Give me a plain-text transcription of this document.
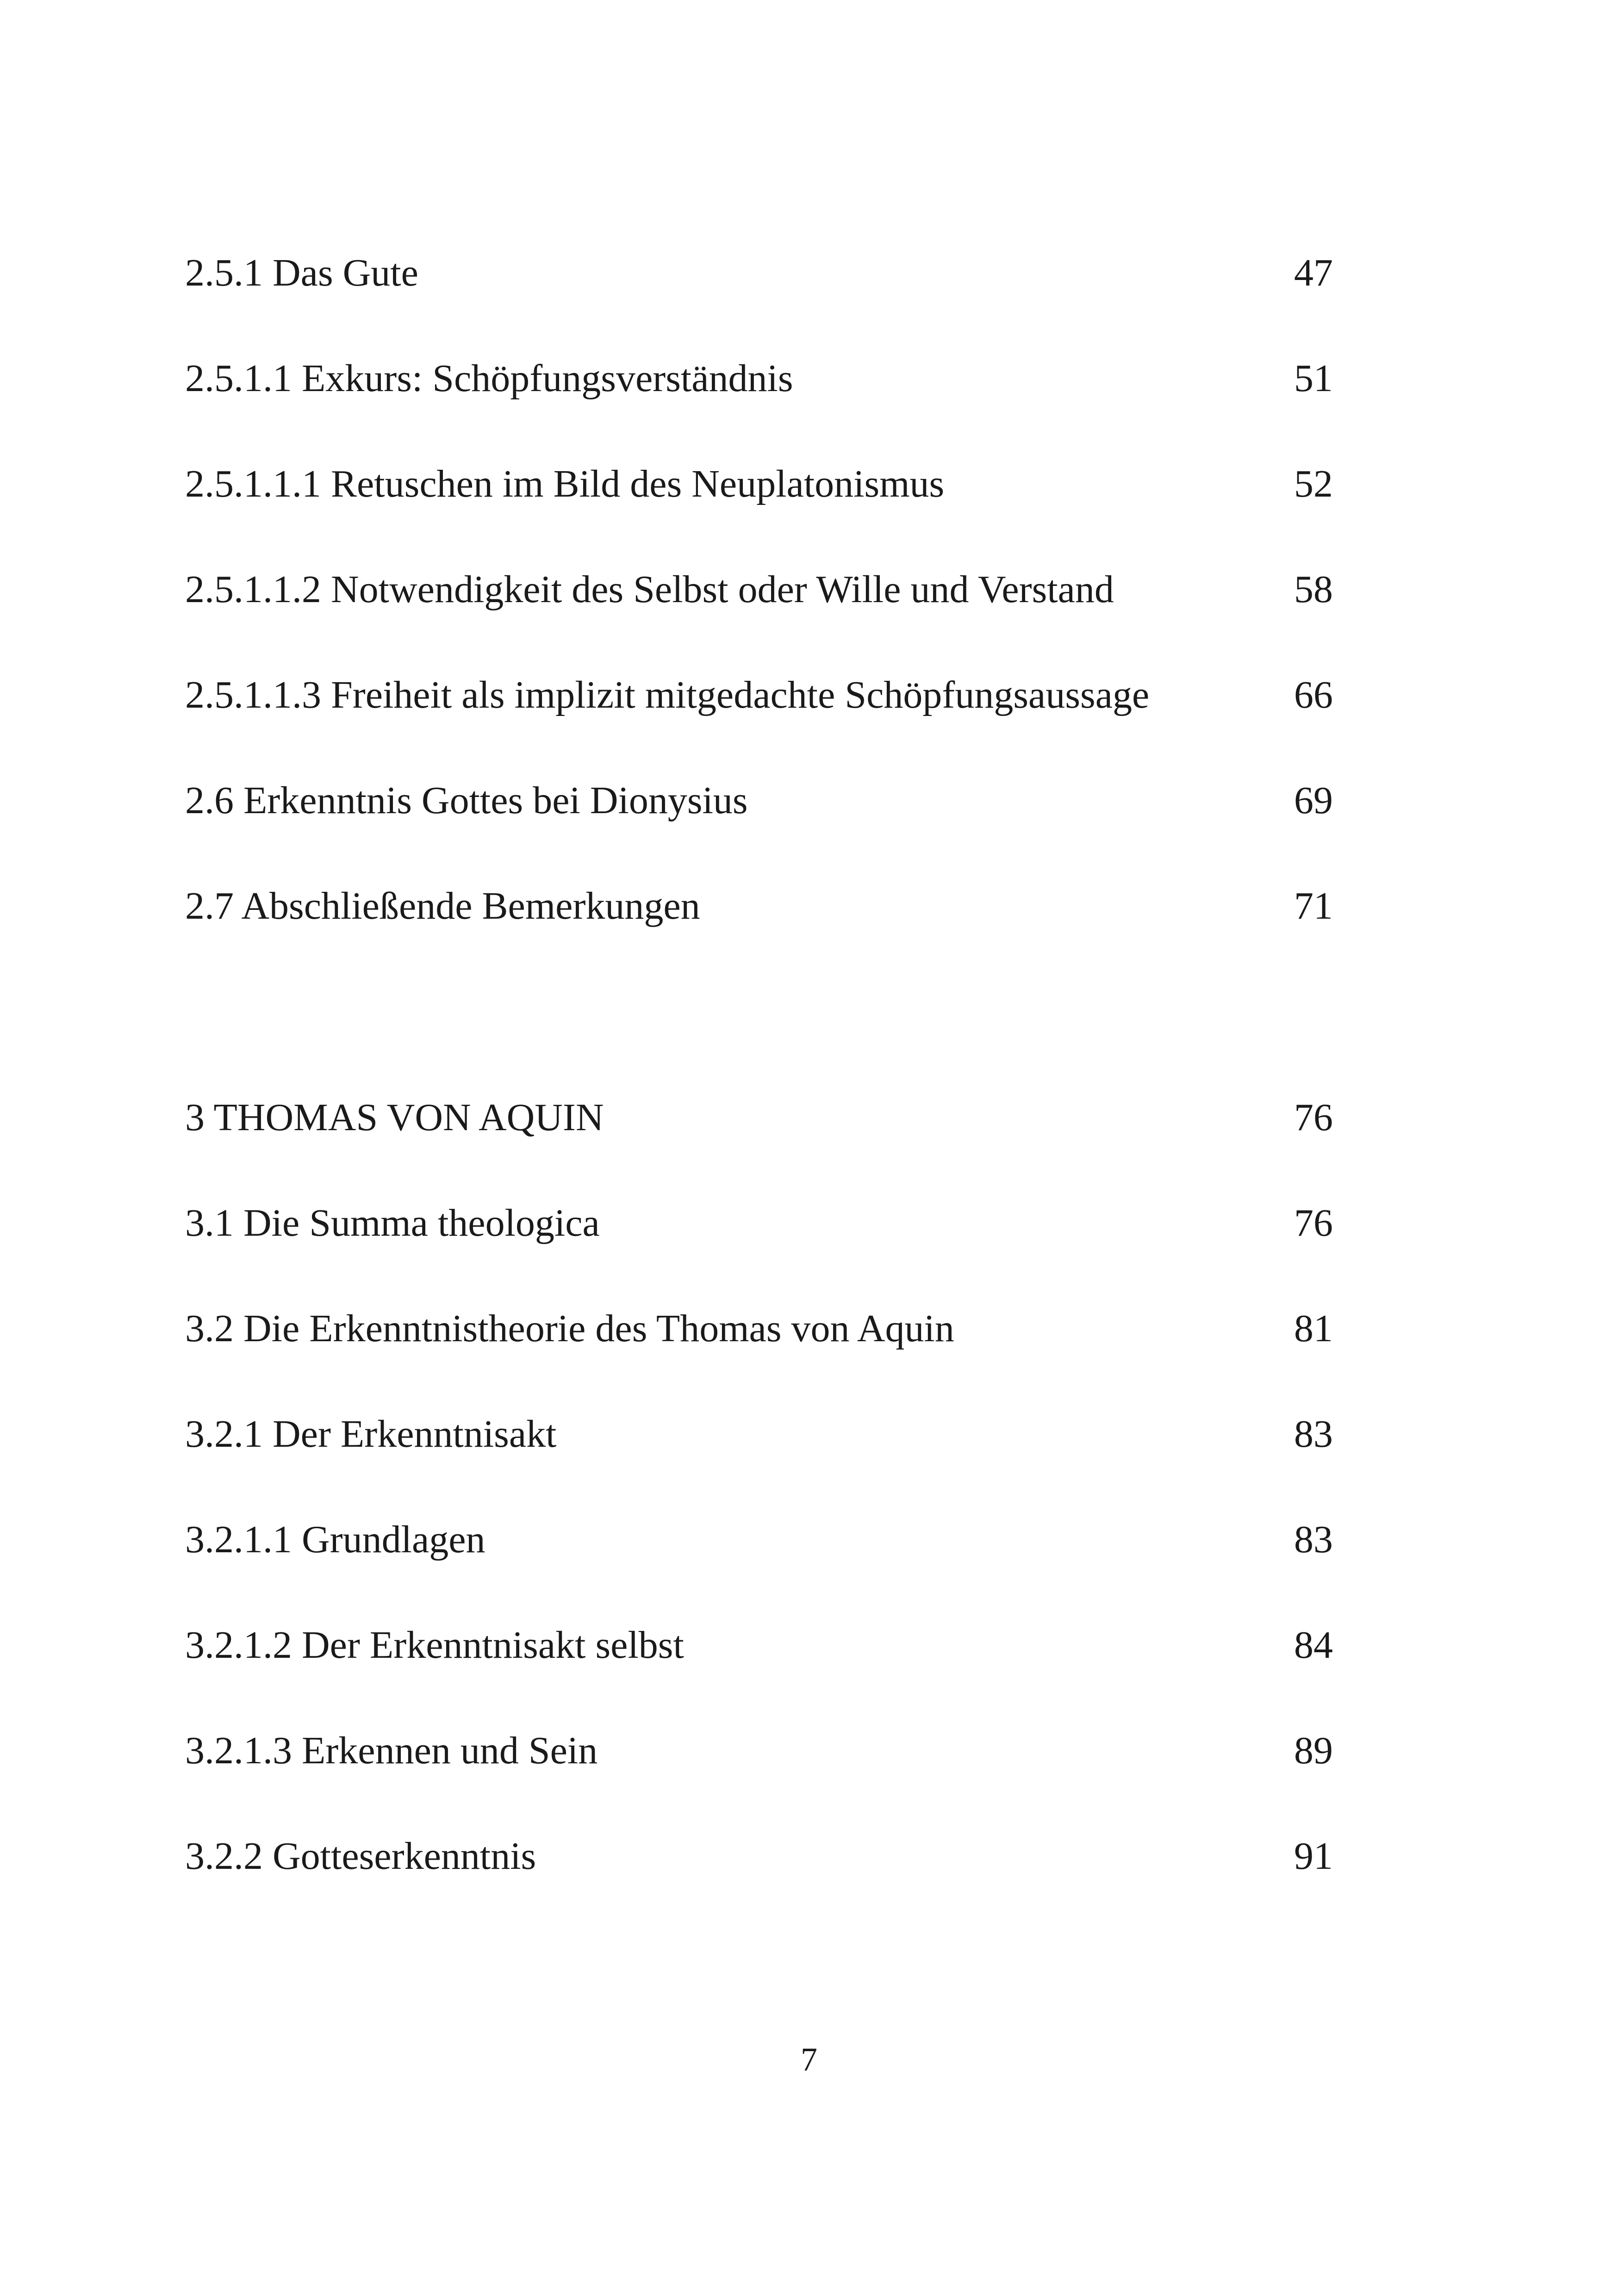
2.5.1 Das Gute	47
2.5.1.1 Exkurs: Schöpfungsverständnis	51
2.5.1.1.1 Retuschen im Bild des Neuplatonismus	52
2.5.1.1.2 Notwendigkeit des Selbst oder Wille und Verstand	58
2.5.1.1.3 Freiheit als implizit mitgedachte Schöpfungsaussage	66
2.6 Erkenntnis Gottes bei Dionysius	69
2.7 Abschließende Bemerkungen	71
3 THOMAS VON AQUIN	76
3.1 Die Summa theologica	76
3.2 Die Erkenntnistheorie des Thomas von Aquin	81
3.2.1 Der Erkenntnisakt	83
3.2.1.1 Grundlagen	83
3.2.1.2 Der Erkenntnisakt selbst	84
3.2.1.3 Erkennen und Sein	89
3.2.2 Gotteserkenntnis	91
7
